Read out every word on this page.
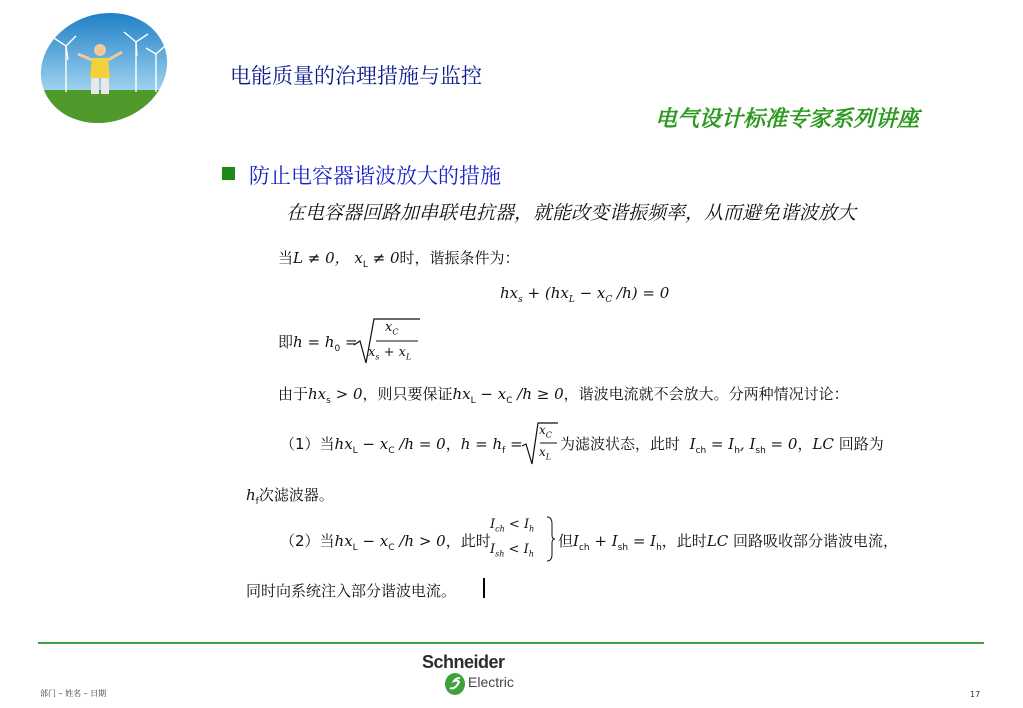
电能质量的治理措施与监控
电气设计标准专家系列讲座
防止电容器谐波放大的措施
在电容器回路加串联电抗器，就能改变谐振频率，从而避免谐波放大
当L ≠ 0， $x_L \ne 0$时，谐振条件为：
$hx_s + (hx_L - x_C$ /h) = 0
即$h = h_0$ =
$x_C$
$x_s + x_L$
由于$hx_s > 0$，则只要保证$hx_L - x_C$ /h ≥ 0，谐波电流就不会放大。分两种情况讨论：
（1）当$hx_L - x_C$ /h = 0，$h = h_f$ =
$x_C$
$x_L$
为滤波状态，此时 $I_{ch} = I_h$, $I_{sh} = 0$，LC 回路为
$h_f$次滤波器。
（2）当$hx_L - x_C$ /h > 0，此时
$I_{ch} < I_h$
$I_{sh} < I_h$
但$I_{ch} + I_{sh} = I_h$，此时LC 回路吸收部分谐波电流，
同时向系统注入部分谐波电流。
Schneider
Electric
部门 – 姓名 – 日期	17
